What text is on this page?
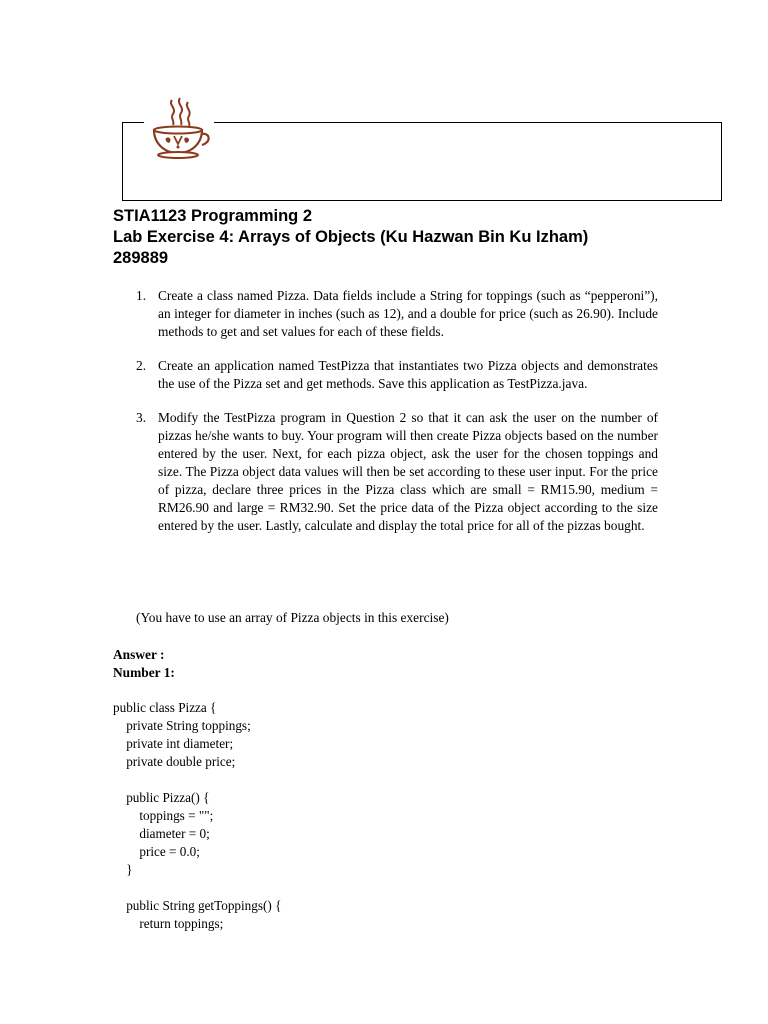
STIA1123 Programming 2
Lab Exercise 4: Arrays of Objects (Ku Hazwan Bin Ku Izham)
289889
1. Create a class named Pizza. Data fields include a String for toppings (such as “pepperoni”), an integer for diameter in inches (such as 12), and a double for price (such as 26.90). Include methods to get and set values for each of these fields.
2. Create an application named TestPizza that instantiates two Pizza objects and demonstrates the use of the Pizza set and get methods. Save this application as TestPizza.java.
3. Modify the TestPizza program in Question 2 so that it can ask the user on the number of pizzas he/she wants to buy. Your program will then create Pizza objects based on the number entered by the user. Next, for each pizza object, ask the user for the chosen toppings and size. The Pizza object data values will then be set according to these user input. For the price of pizza, declare three prices in the Pizza class which are small = RM15.90, medium = RM26.90 and large = RM32.90. Set the price data of the Pizza object according to the size entered by the user. Lastly, calculate and display the total price for all of the pizzas bought.
(You have to use an array of Pizza objects in this exercise)
Answer :
Number 1:
public class Pizza {
private String toppings;
private int diameter;
private double price;
public Pizza() {
toppings = "";
diameter = 0;
price = 0.0;
}
public String getToppings() {
return toppings;
